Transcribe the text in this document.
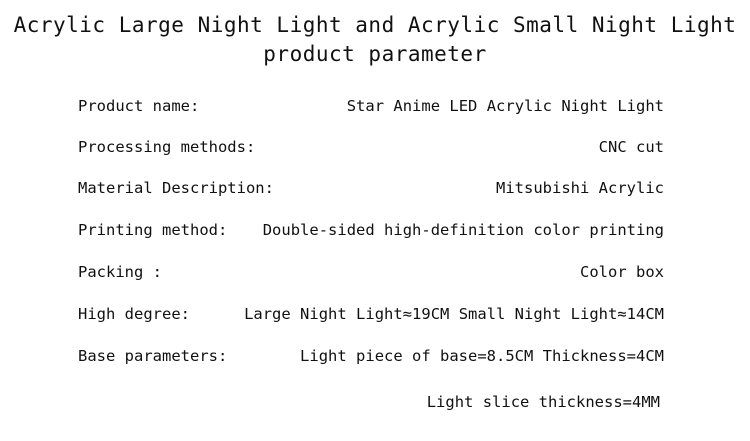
Acrylic Large Night Light and Acrylic Small Night Light
product parameter
Product name:	Star Anime LED Acrylic Night Light
Processing methods:	CNC cut
Material Description:	Mitsubishi Acrylic
Printing method: Double-sided high-definition color printing
Packing :	Color box
High degree:	Large Night Light≈19CM Small Night Light≈14CM
Base parameters:	Light piece of base=8.5CM Thickness=4CM
Light slice thickness=4MM
